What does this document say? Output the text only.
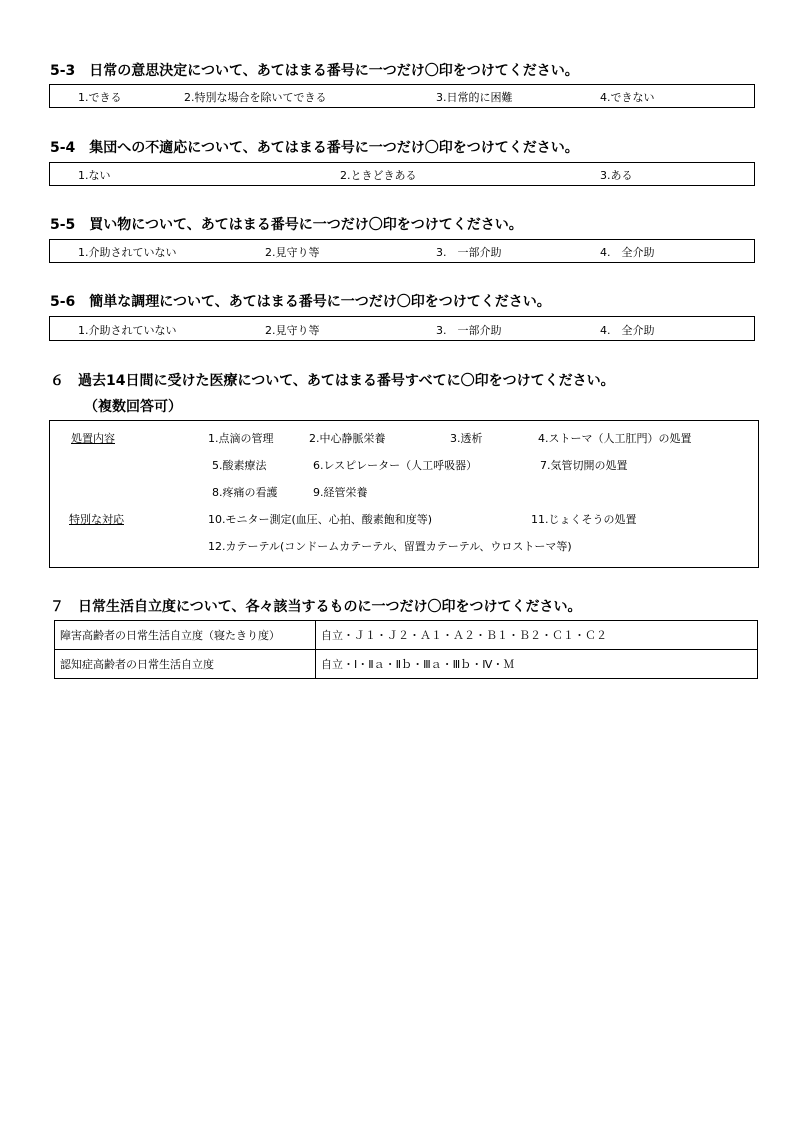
5-3　日常の意思決定について、あてはまる番号に一つだけ〇印をつけてください。
1.できる	2.特別な場合を除いてできる	3.日常的に困難	4.できない
5-4　集団への不適応について、あてはまる番号に一つだけ〇印をつけてください。
1.ない	2.ときどきある	3.ある
5-5　買い物について、あてはまる番号に一つだけ〇印をつけてください。
1.介助されていない	2.見守り等	3.　一部介助	4.　全介助
5-6　簡単な調理について、あてはまる番号に一つだけ〇印をつけてください。
1.介助されていない	2.見守り等	3.　一部介助	4.　全介助
６　過去14日間に受けた医療について、あてはまる番号すべてに〇印をつけてください。
（複数回答可）
処置内容	1.点滴の管理	2.中心静脈栄養	3.透析	4.ストーマ（人工肛門）の処置
5.酸素療法	6.レスピレーター（人工呼吸器）	7.気管切開の処置
8.疼痛の看護	9.経管栄養
特別な対応	10.モニター測定(血圧、心拍、酸素飽和度等)	11.じょくそうの処置
12.カテーテル(コンドームカテーテル、留置カテーテル、ウロストーマ等)
７　日常生活自立度について、各々該当するものに一つだけ〇印をつけてください。
障害高齢者の日常生活自立度（寝たきり度）	自立・Ｊ１・Ｊ２・Ａ１・Ａ２・Ｂ１・Ｂ２・Ｃ１・Ｃ２
認知症高齢者の日常生活自立度	自立・Ⅰ・Ⅱａ・Ⅱｂ・Ⅲａ・Ⅲｂ・Ⅳ・Ｍ
